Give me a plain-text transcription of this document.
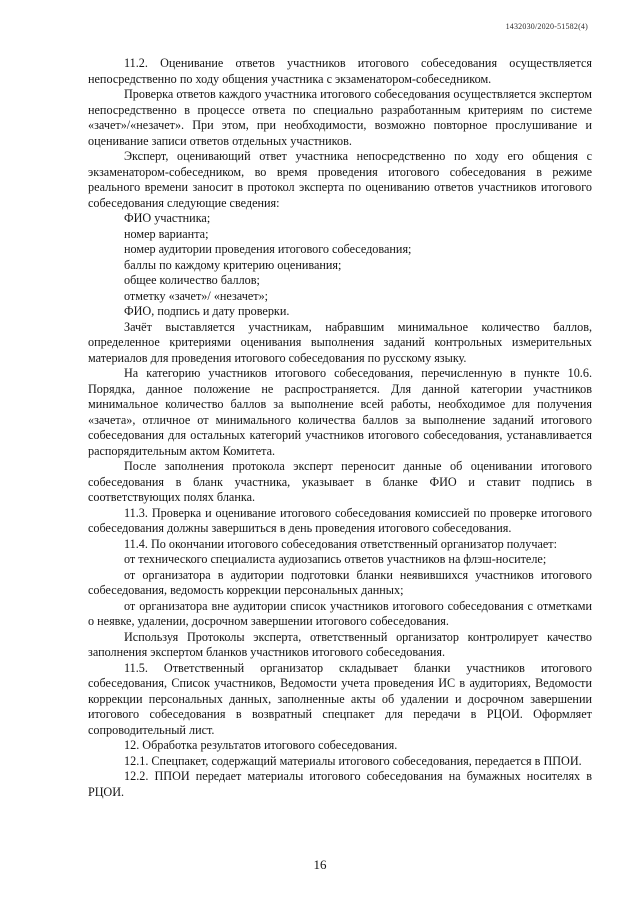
1432030/2020-51582(4)

11.2. Оценивание ответов участников итогового собеседования осуществляется непосредственно по ходу общения участника с экзаменатором-собеседником.

Проверка ответов каждого участника итогового собеседования осуществляется экспертом непосредственно в процессе ответа по специально разработанным критериям по системе «зачет»/«незачет». При этом, при необходимости, возможно повторное прослушивание и оценивание записи ответов отдельных участников.

Эксперт, оценивающий ответ участника непосредственно по ходу его общения с экзаменатором-собеседником, во время проведения итогового собеседования в режиме реального времени заносит в протокол эксперта по оцениванию ответов участников итогового собеседования следующие сведения:

ФИО участника;

номер варианта;

номер аудитории проведения итогового собеседования;

баллы по каждому критерию оценивания;

общее количество баллов;

отметку «зачет»/ «незачет»;

ФИО, подпись и дату проверки.

Зачёт выставляется участникам, набравшим минимальное количество баллов, определенное критериями оценивания выполнения заданий контрольных измерительных материалов для проведения итогового собеседования по русскому языку.

На категорию участников итогового собеседования, перечисленную в пункте 10.6. Порядка, данное положение не распространяется. Для данной категории участников минимальное количество баллов за выполнение всей работы, необходимое для получения «зачета», отличное от минимального количества баллов за выполнение заданий итогового собеседования для остальных категорий участников итогового собеседования, устанавливается распорядительным актом Комитета.

После заполнения протокола эксперт переносит данные об оценивании итогового собеседования в бланк участника, указывает в бланке ФИО и ставит подпись в соответствующих полях бланка.

11.3. Проверка и оценивание итогового собеседования комиссией по проверке итогового собеседования должны завершиться в день проведения итогового собеседования.

11.4. По окончании итогового собеседования ответственный организатор получает:

от технического специалиста аудиозапись ответов участников на флэш-носителе;

от организатора в аудитории подготовки бланки неявившихся участников итогового собеседования, ведомость коррекции персональных данных;

от организатора вне аудитории список участников итогового собеседования с отметками о неявке, удалении, досрочном завершении итогового собеседования.

Используя Протоколы эксперта, ответственный организатор контролирует качество заполнения экспертом бланков участников итогового собеседования.

11.5. Ответственный организатор складывает бланки участников итогового собеседования, Список участников, Ведомости учета проведения ИС в аудиториях, Ведомости коррекции персональных данных, заполненные акты об удалении и досрочном завершении итогового собеседования в возвратный спецпакет для передачи в РЦОИ. Оформляет сопроводительный лист.

12. Обработка результатов итогового собеседования.

12.1. Спецпакет, содержащий материалы итогового собеседования, передается в ППОИ.

12.2. ППОИ передает материалы итогового собеседования на бумажных носителях в РЦОИ.

16
